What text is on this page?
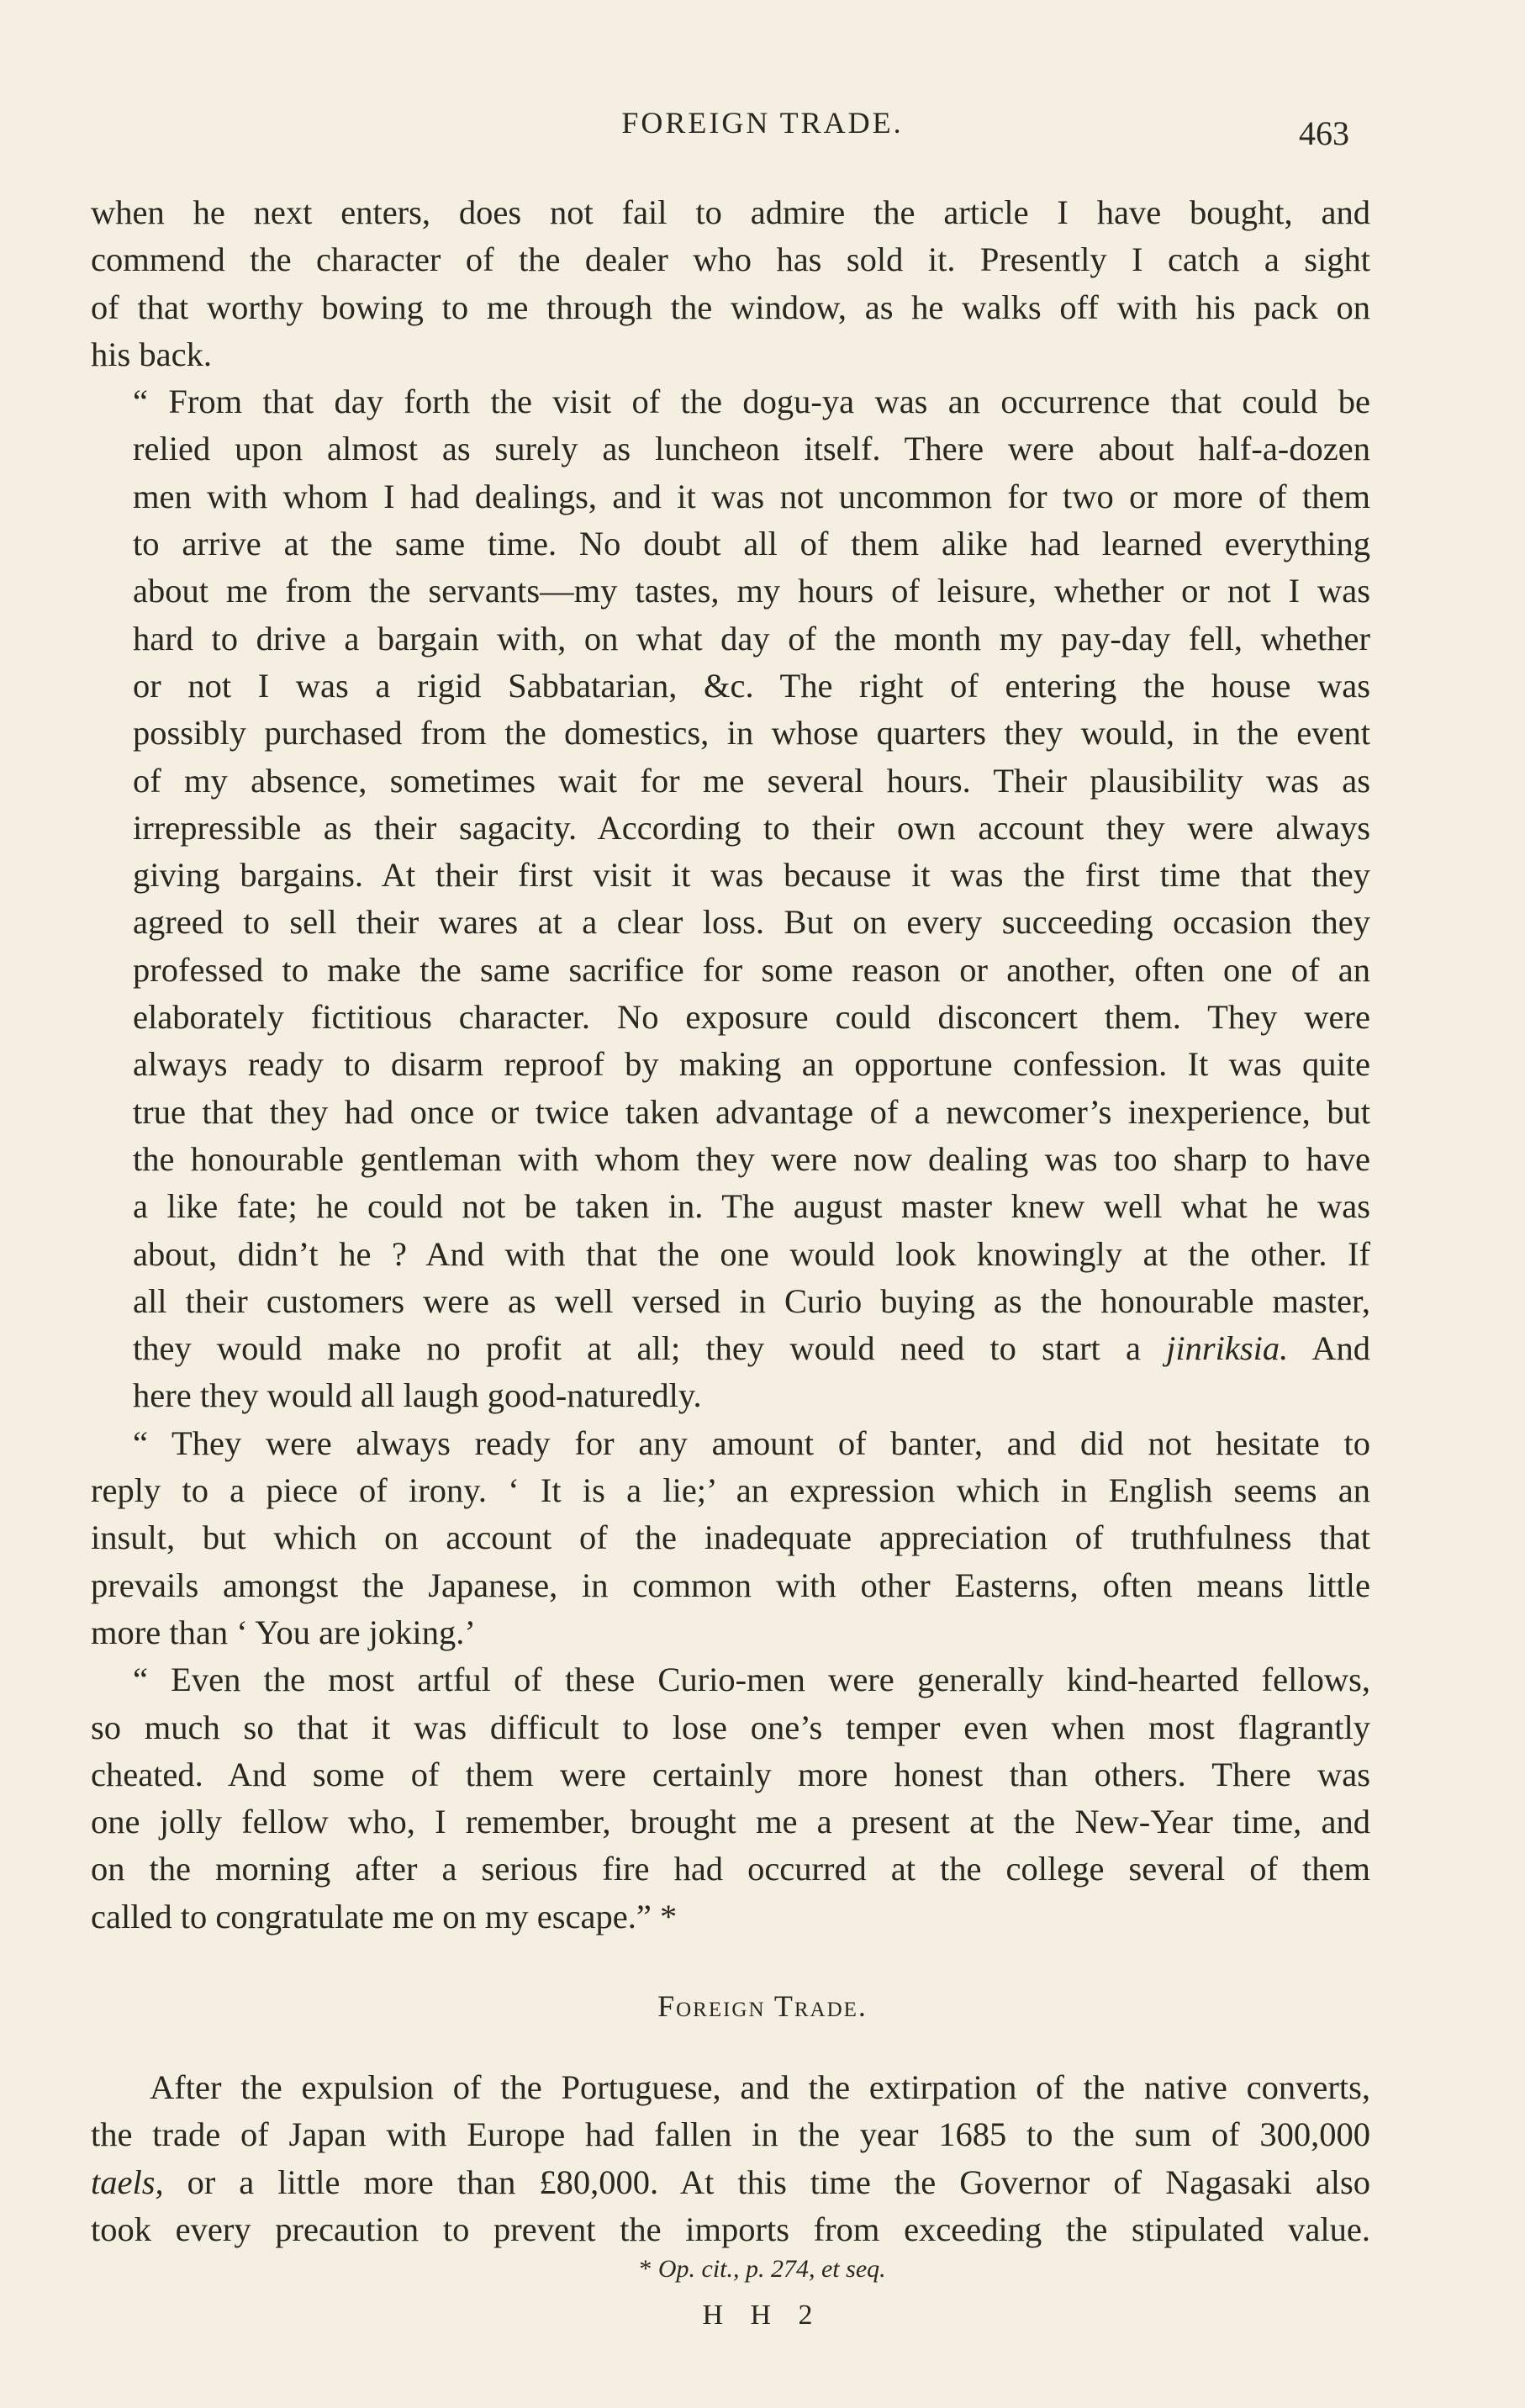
FOREIGN TRADE.	463
when he next enters, does not fail to admire the article I have bought, and
commend the character of the dealer who has sold it. Presently I catch a sight
of that worthy bowing to me through the window, as he walks off with his pack on
his back.
“ From that day forth the visit of the dogu-ya was an occurrence that could be
relied upon almost as surely as luncheon itself. There were about half-a-dozen
men with whom I had dealings, and it was not uncommon for two or more of them
to arrive at the same time. No doubt all of them alike had learned everything
about me from the servants—my tastes, my hours of leisure, whether or not I was
hard to drive a bargain with, on what day of the month my pay-day fell, whether
or not I was a rigid Sabbatarian, &c. The right of entering the house was
possibly purchased from the domestics, in whose quarters they would, in the event
of my absence, sometimes wait for me several hours. Their plausibility was as
irrepressible as their sagacity. According to their own account they were always
giving bargains. At their first visit it was because it was the first time that they
agreed to sell their wares at a clear loss. But on every succeeding occasion they
professed to make the same sacrifice for some reason or another, often one of an
elaborately fictitious character. No exposure could disconcert them. They were
always ready to disarm reproof by making an opportune confession. It was quite
true that they had once or twice taken advantage of a newcomer’s inexperience, but
the honourable gentleman with whom they were now dealing was too sharp to have
a like fate; he could not be taken in. The august master knew well what he was
about, didn’t he ? And with that the one would look knowingly at the other. If
all their customers were as well versed in Curio buying as the honourable master,
they would make no profit at all; they would need to start a jinriksia. And
here they would all laugh good-naturedly.
“ They were always ready for any amount of banter, and did not hesitate to
reply to a piece of irony. ‘ It is a lie;’ an expression which in English seems an
insult, but which on account of the inadequate appreciation of truthfulness that
prevails amongst the Japanese, in common with other Easterns, often means little
more than ‘ You are joking.’
“ Even the most artful of these Curio-men were generally kind-hearted fellows,
so much so that it was difficult to lose one’s temper even when most flagrantly
cheated. And some of them were certainly more honest than others. There was
one jolly fellow who, I remember, brought me a present at the New-Year time, and
on the morning after a serious fire had occurred at the college several of them
called to congratulate me on my escape.” *
Foreign Trade.
After the expulsion of the Portuguese, and the extirpation of the native converts,
the trade of Japan with Europe had fallen in the year 1685 to the sum of 300,000
taels, or a little more than £80,000. At this time the Governor of Nagasaki also
took every precaution to prevent the imports from exceeding the stipulated value.
* Op. cit., p. 274, et seq.
H H 2
